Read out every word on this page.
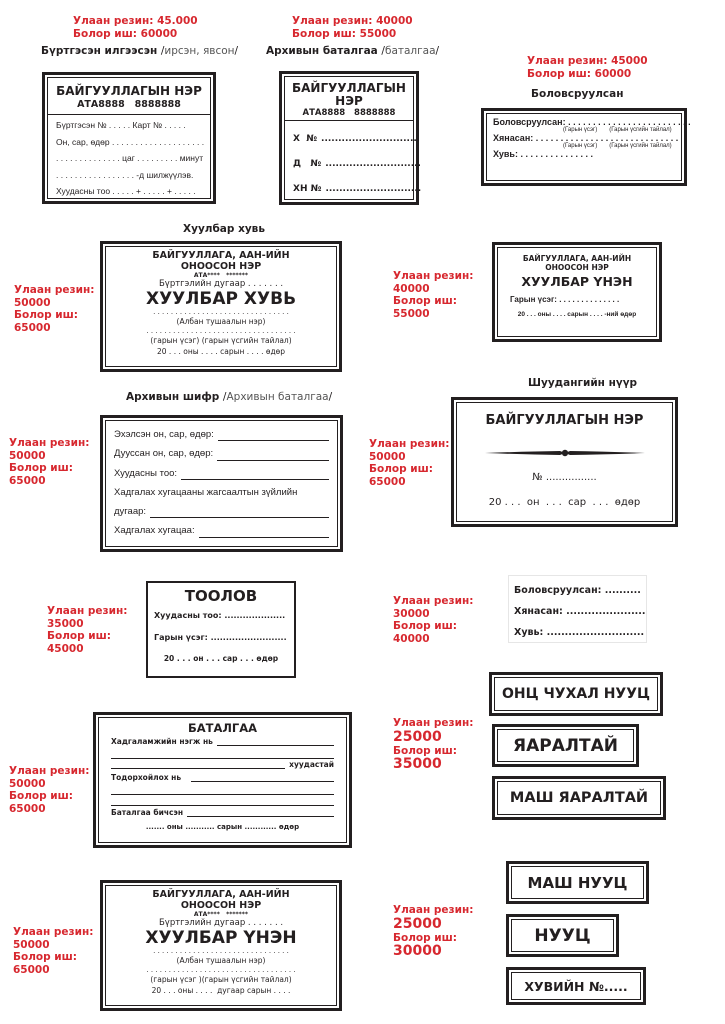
Улаан резин: 45.000
Болор иш: 60000
Бүртгэсэн илгээсэн /ирсэн, явсон/
БАЙГУУЛЛАГЫН НЭР
АТА8888   8888888
Бүртгэсэн № . . . . . Карт № . . . . .
Он, сар, өдөр . . . . . . . . . . . . . . . . . . . .
. . . . . . . . . . . . . . цаг . . . . . . . . . минут
. . . . . . . . . . . . . . . . . -д шилжүүлэв.
Хуудасны тоо . . . . . + . . . . . + . . . . .
Улаан резин: 40000
Болор иш: 55000
Архивын баталгаа /баталгаа/
БАЙГУУЛЛАГЫН НЭР
АТА8888   8888888
Х  № ............................
Д   № ............................
ХН № ............................
Улаан резин: 45000
Болор иш: 60000
Боловсруулсан
Боловсруулсан: . . . . . . . . . . . . . . . . . . . . . . . . .
(Гарын үсэг) (Гарын үсгийн тайлал)
Хянасан: . . . . . . . . . . . . . . . . . . . . . . . . . . . . .
(Гарын үсэг) (Гарын үсгийн тайлал)
Хувь: . . . . . . . . . . . . . . .
Хуулбар хувь
Улаан резин:
50000
Болор иш:
65000
БАЙГУУЛЛАГА, ААН-ИЙН
ОНООСОН НЭР
АТА****   *******
Бүртгэлийн дугаар . . . . . . .
ХУУЛБАР ХУВЬ
. . . . . . . . . . . . . . . . . . . . . . . . . . . . . . .
(Албан тушаалын нэр)
. . . . . . . . . . . . . . . . . . . . . . . . . . . . . . . . . .
(гарын үсэг) (гарын үсгийн тайлал)
20 . . . оны . . . . сарын . . . . өдөр
Улаан резин:
40000
Болор иш:
55000
БАЙГУУЛЛАГА, ААН-ИЙН
ОНООСОН НЭР
ХУУЛБАР ҮНЭН
Гарын үсэг: . . . . . . . . . . . . . .
20 . . . оны . . . . сарын . . . . -ний өдөр
Архивын шифр /Архивын баталгаа/
Улаан резин:
50000
Болор иш:
65000
Эхэлсэн он, сар, өдөр:
Дууссан он, сар, өдөр:
Хуудасны тоо:
Хадгалах хугацааны жагсаалтын зүйлийн
дугаар:
Хадгалах хугацаа:
Шуудангийн нүүр
Улаан резин:
50000
Болор иш:
65000
БАЙГУУЛЛАГЫН НЭР
№ ................
20 . . .  он  . . .  сар  . . .  өдөр
Улаан резин:
35000
Болор иш:
45000
ТООЛОВ
Хуудасны тоо: ....................
Гарын үсэг: .........................
20 . . . он . . . сар . . . өдөр
Улаан резин:
30000
Болор иш:
40000
Боловсруулсан: ..........
Хянасан: ......................
Хувь: ...........................
Улаан резин:
50000
Болор иш:
65000
БАТАЛГАА
Хадгаламжийн нэгж нь
хуудастай
Тодорхойлох нь
Баталгаа бичсэн
....... оны ........... сарын ............ өдөр
Улаан резин:
25000
Болор иш:
35000
ОНЦ ЧУХАЛ НУУЦ
ЯАРАЛТАЙ
МАШ ЯАРАЛТАЙ
Улаан резин:
50000
Болор иш:
65000
БАЙГУУЛЛАГА, ААН-ИЙН
ОНООСОН НЭР
АТА****   *******
Бүртгэлийн дугаар . . . . . . .
ХУУЛБАР ҮНЭН
. . . . . . . . . . . . . . . . . . . . . . . . . . . . . . .
(Албан тушаалын нэр)
. . . . . . . . . . . . . . . . . . . . . . . . . . . . . . . . . .
(гарын үсэг )(гарын үсгийн тайлал)
20 . . . оны . . . .  дугаар сарын . . . .
Улаан резин:
25000
Болор иш:
30000
МАШ НУУЦ
НУУЦ
ХУВИЙН №.....
